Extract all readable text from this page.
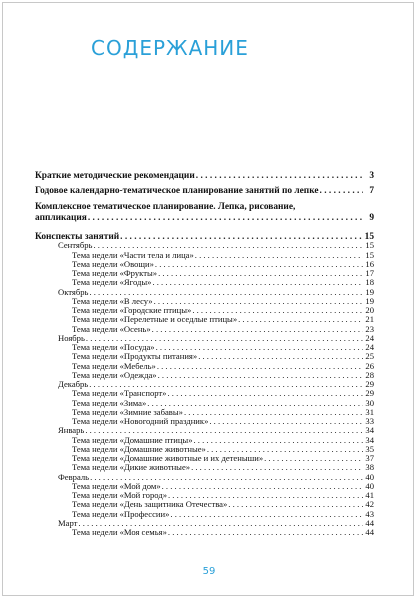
СОДЕРЖАНИЕ
Краткие методические рекомендации . . .	3
Годовое календарно-тематическое планирование занятий по лепке . . .	7
Комплексное тематическое планирование. Лепка, рисование,
аппликация . . .	9
Конспекты занятий . . .	15
Сентябрь . . .	15
Тема недели «Части тела и лица» . . .	15
Тема недели «Овощи» . . .	16
Тема недели «Фрукты» . . .	17
Тема недели «Ягоды» . . .	18
Октябрь . . .	19
Тема недели «В лесу» . . .	19
Тема недели «Городские птицы» . . .	20
Тема недели «Перелетные и оседлые птицы» . . .	21
Тема недели «Осень» . . .	23
Ноябрь . . .	24
Тема недели «Посуда» . . .	24
Тема недели «Продукты питания» . . .	25
Тема недели «Мебель» . . .	26
Тема недели «Одежда» . . .	28
Декабрь . . .	29
Тема недели «Транспорт» . . .	29
Тема недели «Зима» . . .	30
Тема недели «Зимние забавы» . . .	31
Тема недели «Новогодний праздник» . . .	33
Январь . . .	34
Тема недели «Домашние птицы» . . .	34
Тема недели «Домашние животные» . . .	35
Тема недели «Домашние животные и их детеныши» . . .	37
Тема недели «Дикие животные» . . .	38
Февраль . . .	40
Тема недели «Мой дом» . . .	40
Тема недели «Мой город» . . .	41
Тема недели «День защитника Отечества» . . .	42
Тема недели «Профессии» . . .	43
Март . . .	44
Тема недели «Моя семья» . . .	44
59
